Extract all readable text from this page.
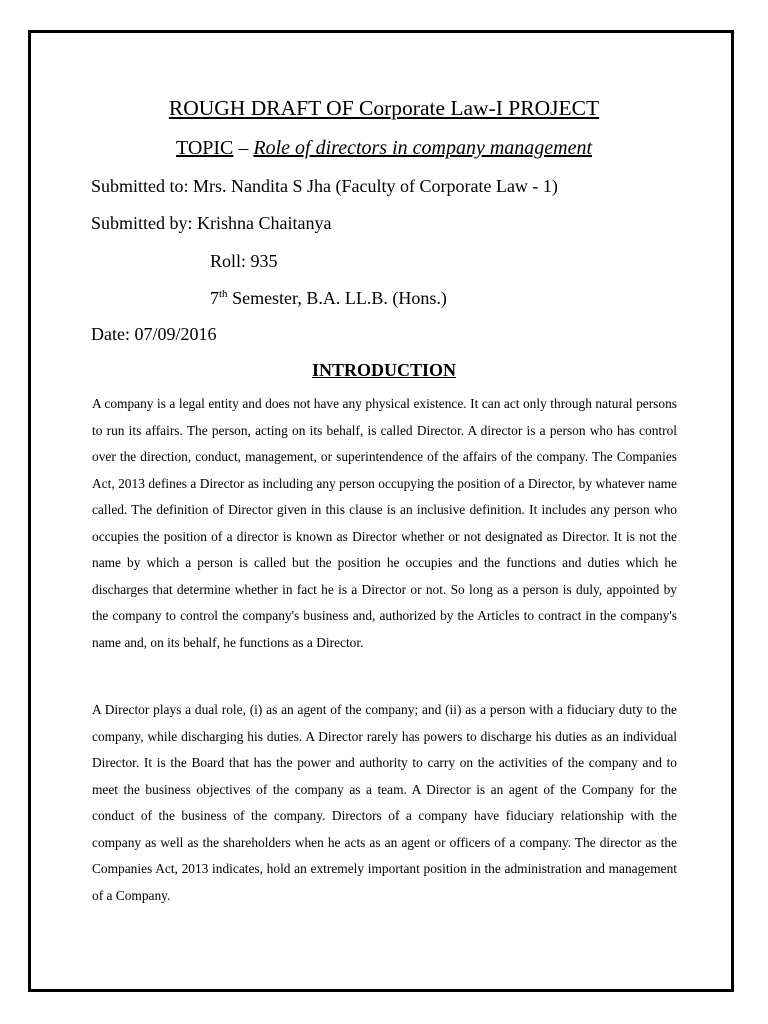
ROUGH DRAFT OF Corporate Law-I PROJECT
TOPIC – Role of directors in company management
Submitted to: Mrs. Nandita S Jha (Faculty of Corporate Law - 1)
Submitted by: Krishna Chaitanya
Roll: 935
7th Semester, B.A. LL.B. (Hons.)
Date: 07/09/2016
INTRODUCTION

A company is a legal entity and does not have any physical existence. It can act only through natural persons to run its affairs. The person, acting on its behalf, is called Director. A director is a person who has control over the direction, conduct, management, or superintendence of the affairs of the company. The Companies Act, 2013 defines a Director as including any person occupying the position of a Director, by whatever name called. The definition of Director given in this clause is an inclusive definition. It includes any person who occupies the position of a director is known as Director whether or not designated as Director. It is not the name by which a person is called but the position he occupies and the functions and duties which he discharges that determine whether in fact he is a Director or not. So long as a person is duly, appointed by the company to control the company's business and, authorized by the Articles to contract in the company's name and, on its behalf, he functions as a Director.

A Director plays a dual role, (i) as an agent of the company; and (ii) as a person with a fiduciary duty to the company, while discharging his duties. A Director rarely has powers to discharge his duties as an individual Director. It is the Board that has the power and authority to carry on the activities of the company and to meet the business objectives of the company as a team. A Director is an agent of the Company for the conduct of the business of the company. Directors of a company have fiduciary relationship with the company as well as the shareholders when he acts as an agent or officers of a company. The director as the Companies Act, 2013 indicates, hold an extremely important position in the administration and management of a Company.
